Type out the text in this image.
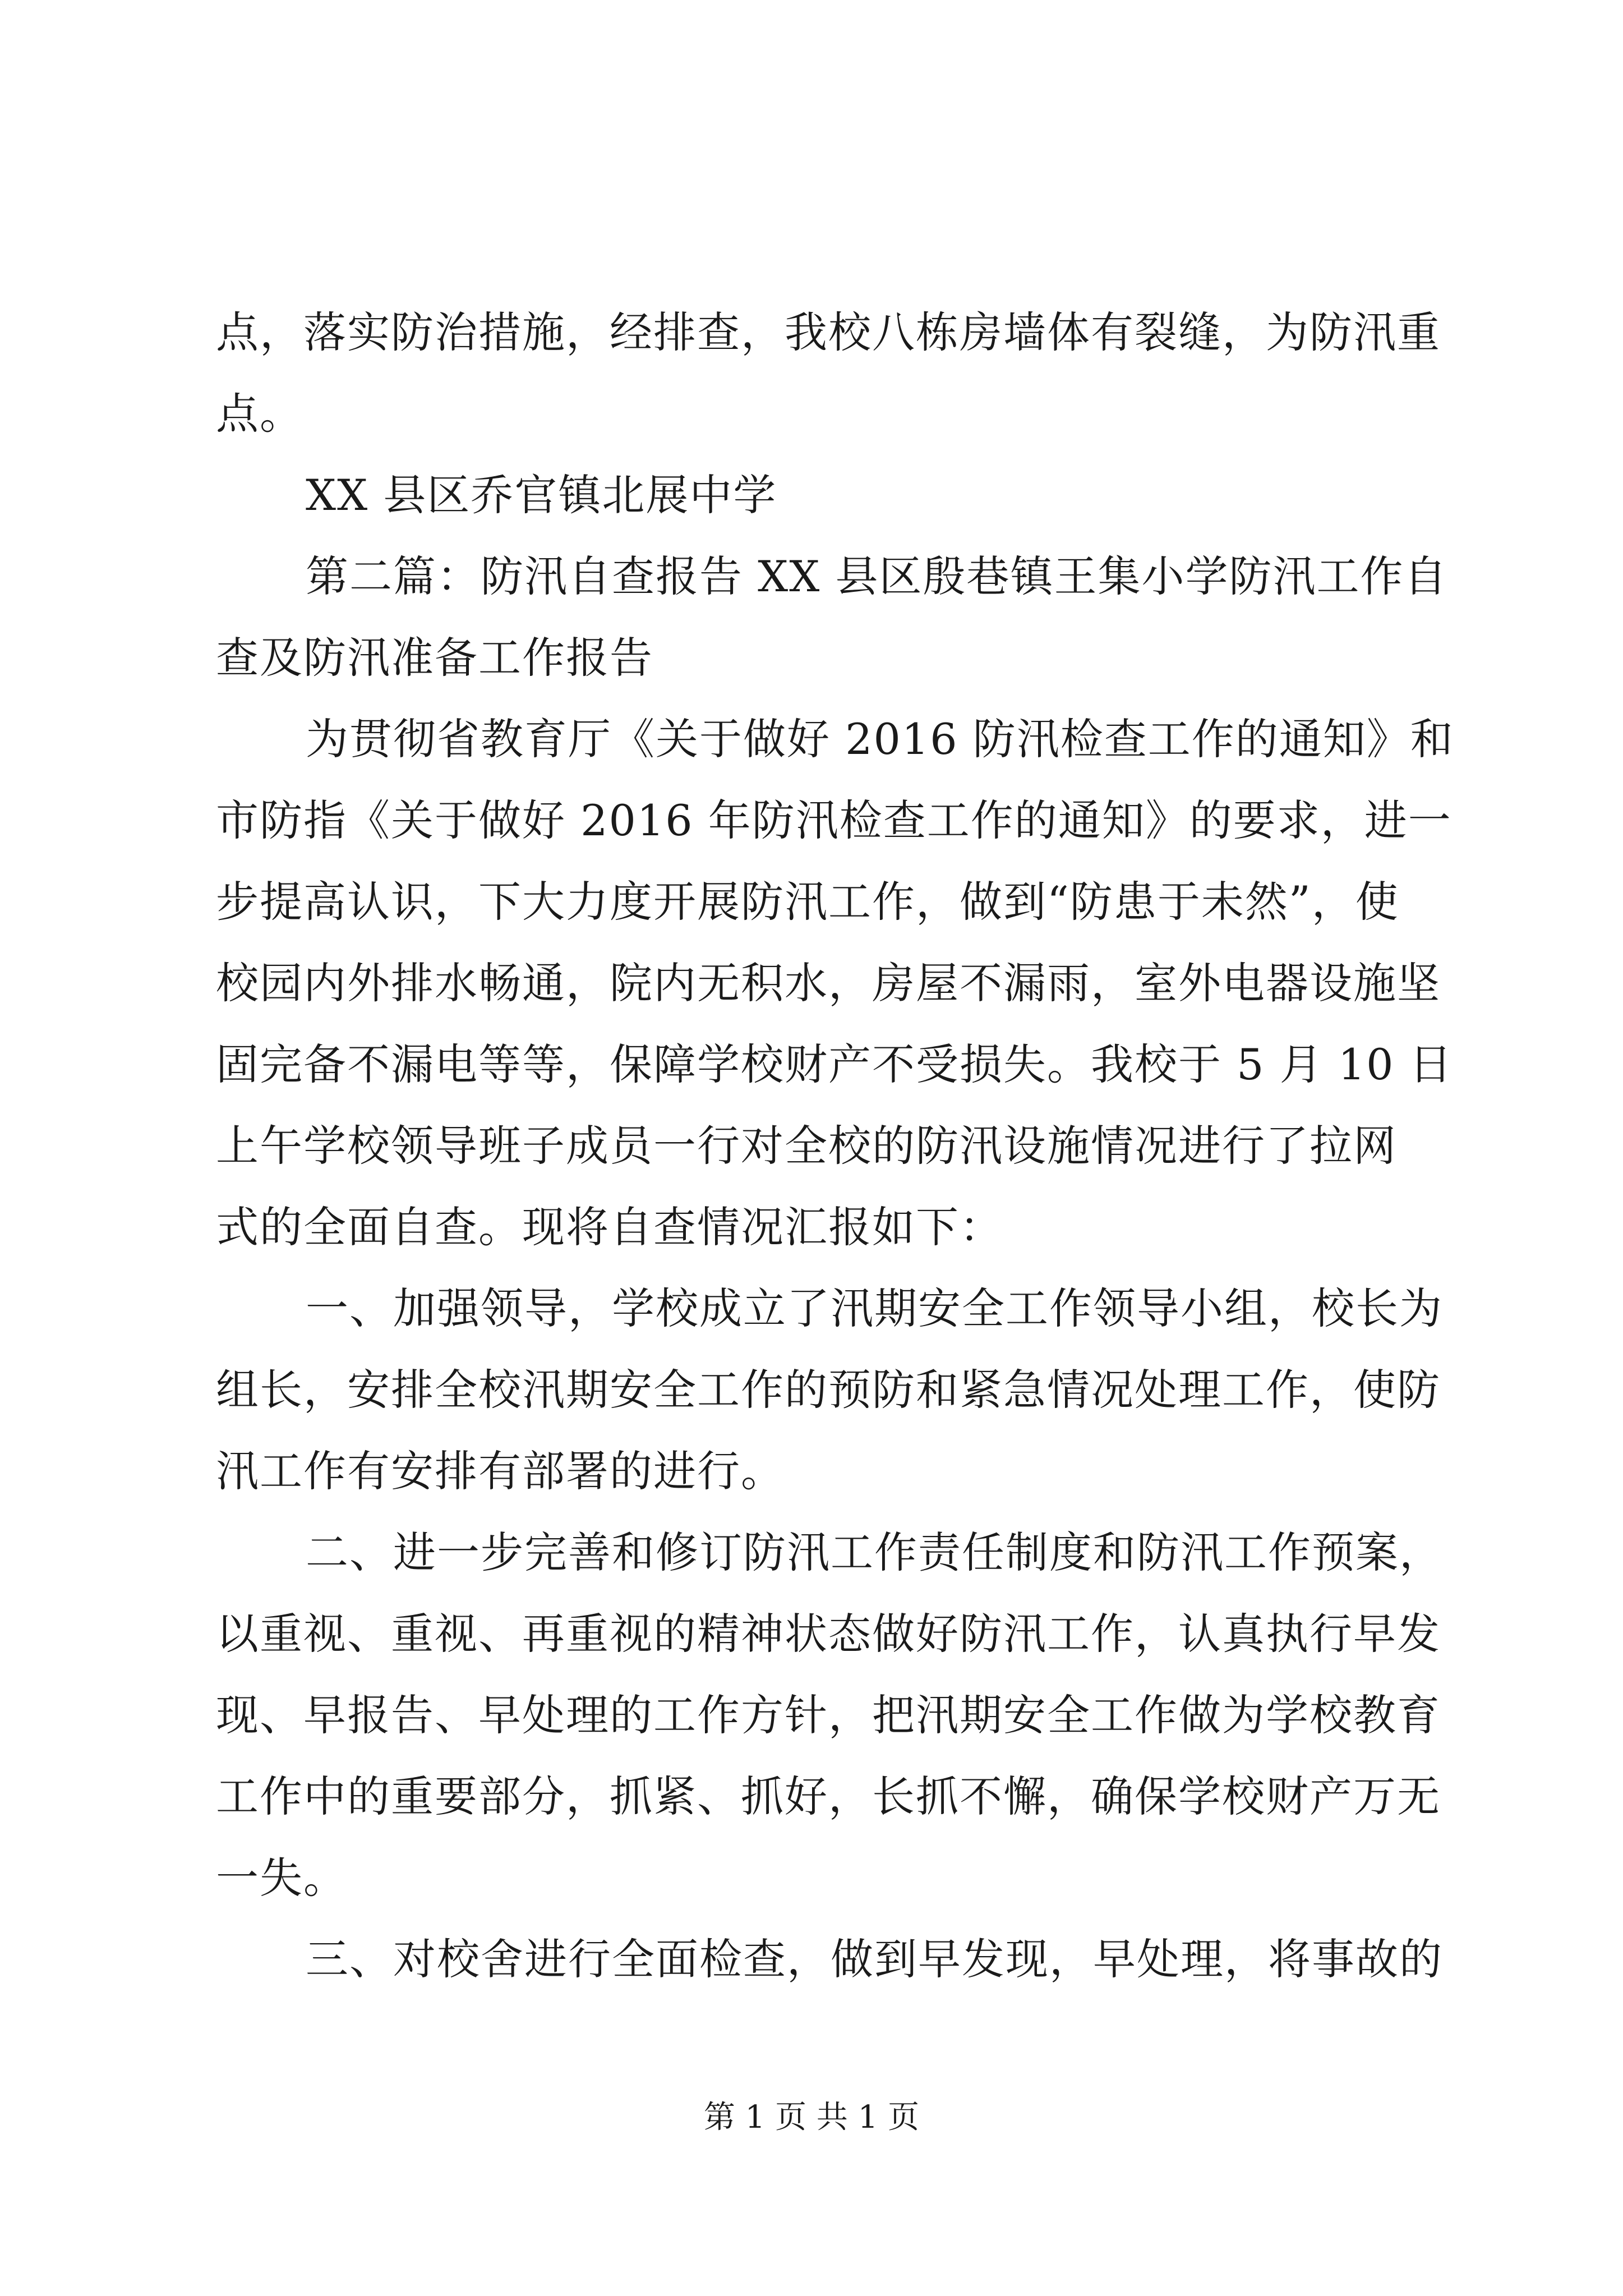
点，落实防治措施，经排查，我校八栋房墙体有裂缝，为防汛重
点。
XX 县区乔官镇北展中学
第二篇：防汛自查报告 XX 县区殷巷镇王集小学防汛工作自
查及防汛准备工作报告
为贯彻省教育厅《关于做好 2016 防汛检查工作的通知》和
市防指《关于做好 2016 年防汛检查工作的通知》的要求，进一
步提高认识，下大力度开展防汛工作，做到“防患于未然”，使
校园内外排水畅通，院内无积水，房屋不漏雨，室外电器设施坚
固完备不漏电等等，保障学校财产不受损失。我校于 5 月 10 日
上午学校领导班子成员一行对全校的防汛设施情况进行了拉网
式的全面自查。现将自查情况汇报如下：
一、加强领导，学校成立了汛期安全工作领导小组，校长为
组长，安排全校汛期安全工作的预防和紧急情况处理工作，使防
汛工作有安排有部署的进行。
二、进一步完善和修订防汛工作责任制度和防汛工作预案，
以重视、重视、再重视的精神状态做好防汛工作，认真执行早发
现、早报告、早处理的工作方针，把汛期安全工作做为学校教育
工作中的重要部分，抓紧、抓好，长抓不懈，确保学校财产万无
一失。
三、对校舍进行全面检查，做到早发现，早处理，将事故的
第 1 页 共 1 页
